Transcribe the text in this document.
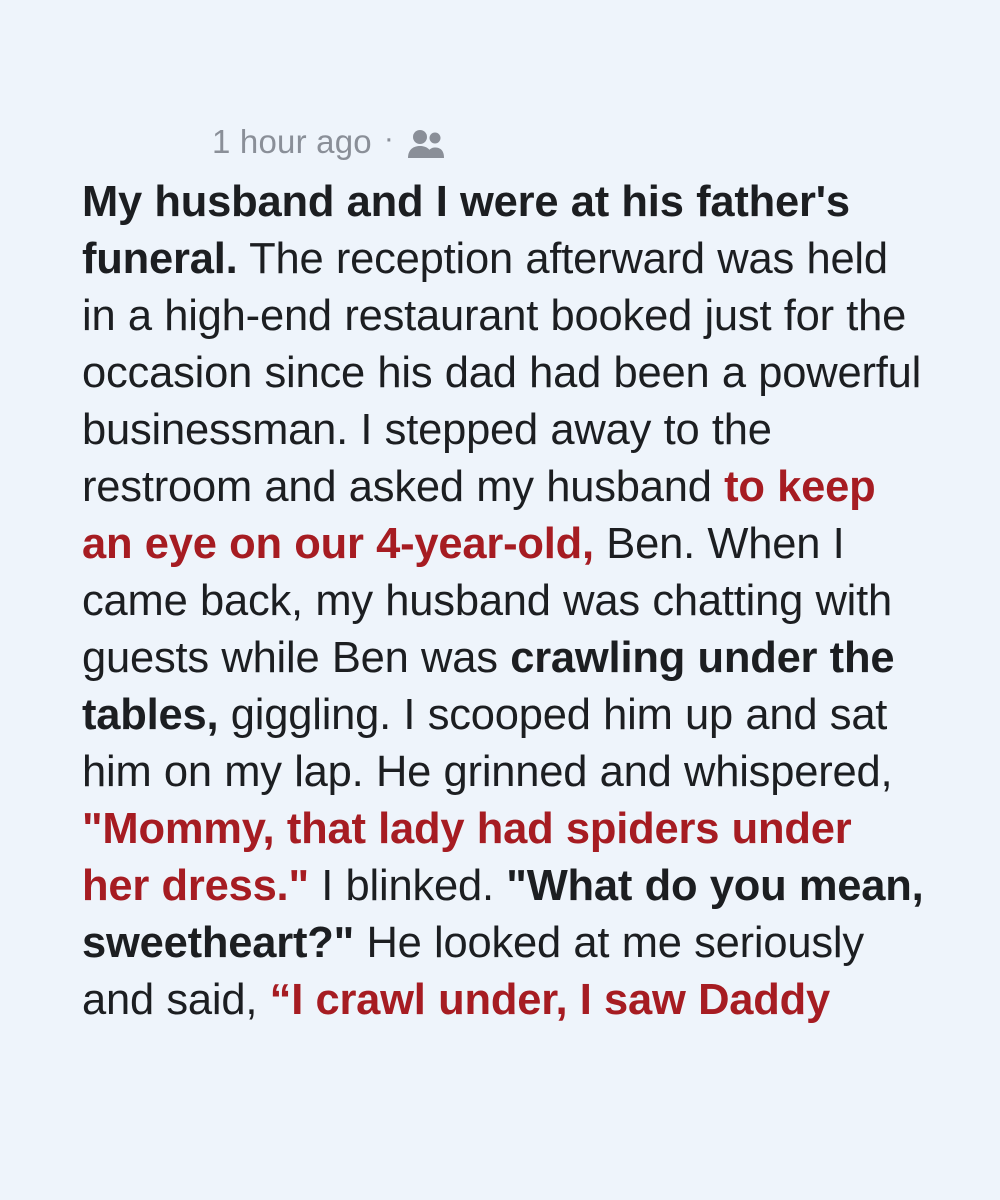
1 hour ago ·
My husband and I were at his father's funeral. The reception afterward was held in a high-end restaurant booked just for the occasion since his dad had been a powerful businessman. I stepped away to the restroom and asked my husband to keep an eye on our 4-year-old, Ben. When I came back, my husband was chatting with guests while Ben was crawling under the tables, giggling. I scooped him up and sat him on my lap. He grinned and whispered, "Mommy, that lady had spiders under her dress." I blinked. "What do you mean, sweetheart?" He looked at me seriously and said, “I crawl under, I saw Daddy
